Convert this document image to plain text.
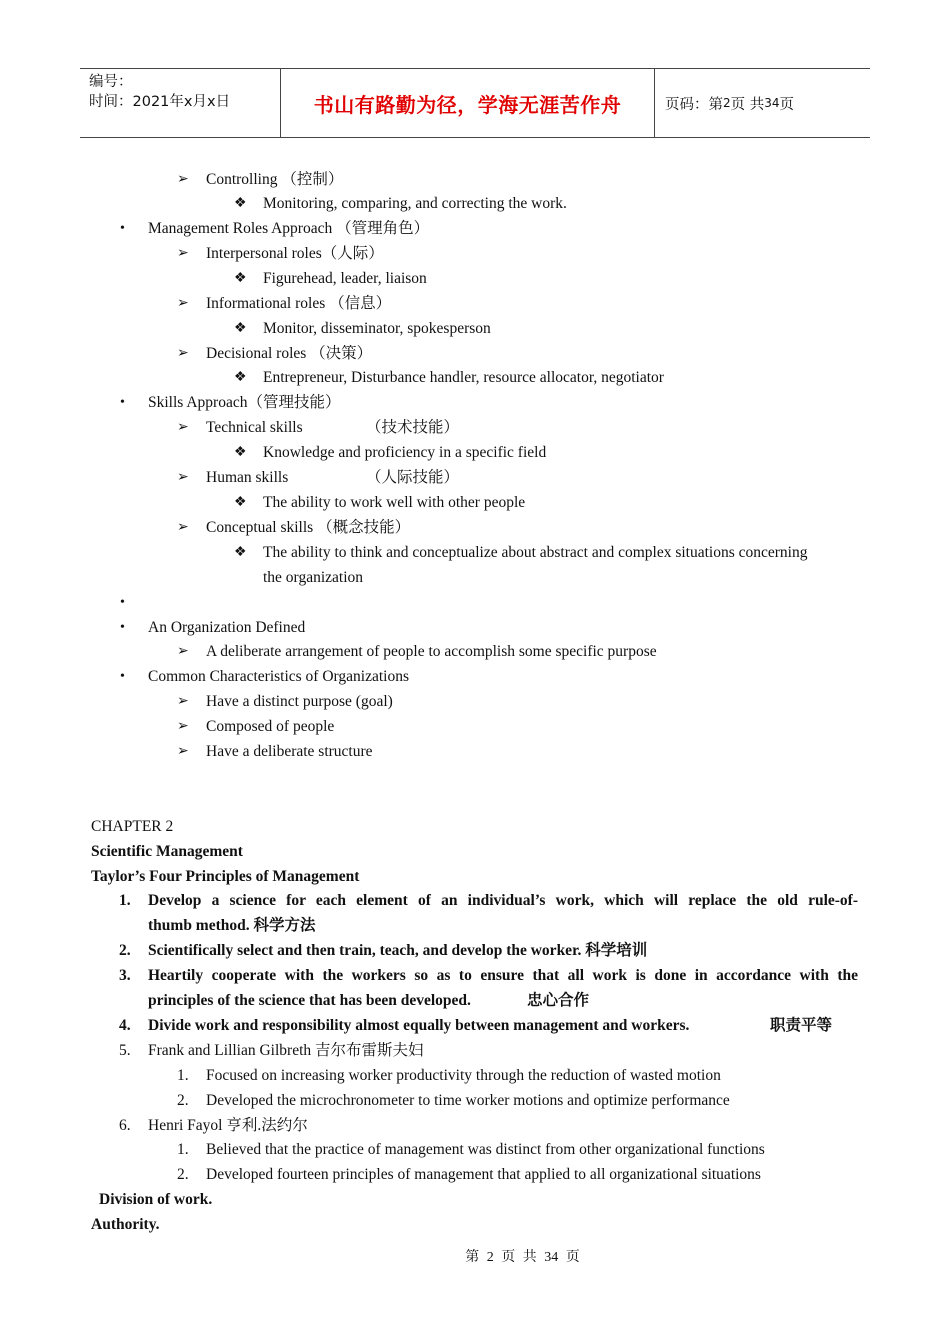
编号：
时间：2021年x月x日	书山有路勤为径，学海无涯苦作舟	页码：第 2 页 共 34 页
➢ Controlling （控制）
❖ Monitoring, comparing, and correcting the work.
• Management Roles Approach （管理角色）
➢ Interpersonal roles（人际）
❖ Figurehead, leader, liaison
➢ Informational roles （信息）
❖ Monitor, disseminator, spokesperson
➢ Decisional roles （决策）
❖ Entrepreneur, Disturbance handler, resource allocator, negotiator
• Skills Approach（管理技能）
➢ Technical skills	（技术技能）
❖ Knowledge and proficiency in a specific field
➢ Human skills	（人际技能）
❖ The ability to work well with other people
➢ Conceptual skills （概念技能）
❖ The ability to think and conceptualize about abstract and complex situations concerning
the organization
•
• An Organization Defined
➢ A deliberate arrangement of people to accomplish some specific purpose
• Common Characteristics of Organizations
➢ Have a distinct purpose (goal)
➢ Composed of people
➢ Have a deliberate structure
CHAPTER 2
Scientific Management
Taylor’s Four Principles of Management
1. Develop a science for each element of an individual’s work, which will replace the old rule-of-
thumb method. 科学方法
2. Scientifically select and then train, teach, and develop the worker. 科学培训
3. Heartily cooperate with the workers so as to ensure that all work is done in accordance with the
principles of the science that has been developed.	忠心合作
4. Divide work and responsibility almost equally between management and workers.	职责平等
5. Frank and Lillian Gilbreth 吉尔布雷斯夫妇
1. Focused on increasing worker productivity through the reduction of wasted motion
2. Developed the microchronometer to time worker motions and optimize performance
6. Henri Fayol 亨利.法约尔
1. Believed that the practice of management was distinct from other organizational functions
2. Developed fourteen principles of management that applied to all organizational situations
Division of work.
Authority.
第 2 页 共 34 页
